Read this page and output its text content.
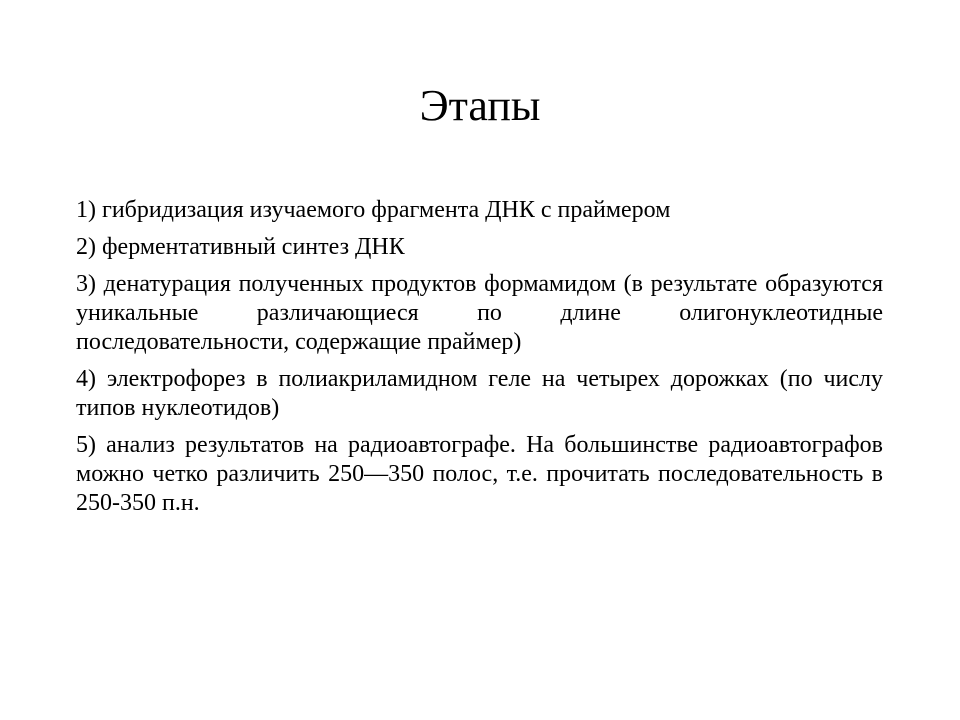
Этапы

1) гибридизация изучаемого фрагмента ДНК с праймером

2) ферментативный синтез ДНК

3) денатурация полученных продуктов формамидом (в результате образуются уникальные различающиеся по длине олигонуклеотидные последовательности, содержащие праймер)

4) электрофорез в полиакриламидном геле на четырех дорожках (по числу типов нуклеотидов)

5) анализ результатов на радиоавтографе. На большинстве радиоавтографов можно четко различить 250—350 полос, т.е. прочитать последовательность в 250-350 п.н.
